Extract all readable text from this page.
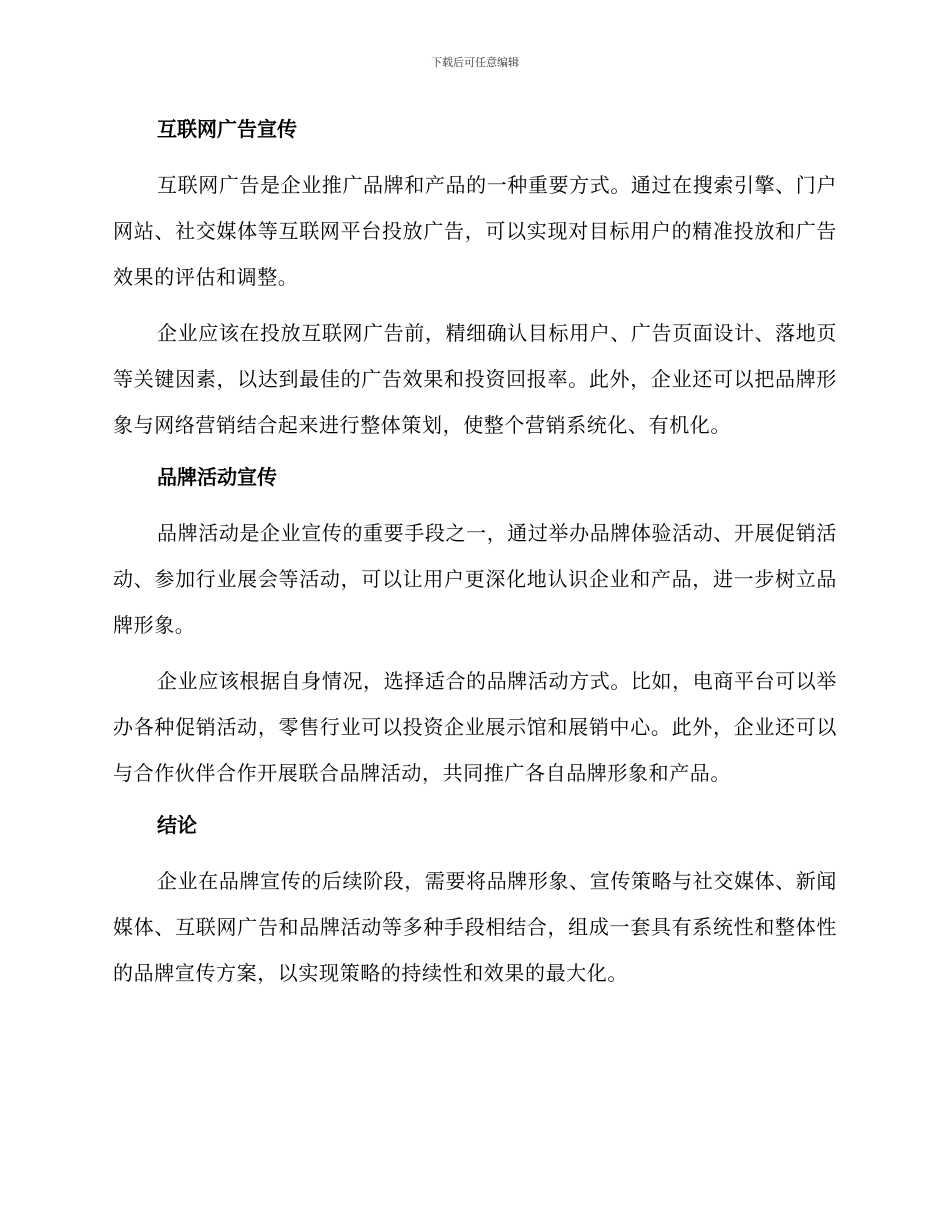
下载后可任意编辑
互联网广告宣传

互联网广告是企业推广品牌和产品的一种重要方式。通过在搜索引擎、门户网站、社交媒体等互联网平台投放广告，可以实现对目标用户的精准投放和广告效果的评估和调整。

企业应该在投放互联网广告前，精细确认目标用户、广告页面设计、落地页等关键因素，以达到最佳的广告效果和投资回报率。此外，企业还可以把品牌形象与网络营销结合起来进行整体策划，使整个营销系统化、有机化。

品牌活动宣传

品牌活动是企业宣传的重要手段之一，通过举办品牌体验活动、开展促销活动、参加行业展会等活动，可以让用户更深化地认识企业和产品，进一步树立品牌形象。

企业应该根据自身情况，选择适合的品牌活动方式。比如，电商平台可以举办各种促销活动，零售行业可以投资企业展示馆和展销中心。此外，企业还可以与合作伙伴合作开展联合品牌活动，共同推广各自品牌形象和产品。

结论

企业在品牌宣传的后续阶段，需要将品牌形象、宣传策略与社交媒体、新闻媒体、互联网广告和品牌活动等多种手段相结合，组成一套具有系统性和整体性的品牌宣传方案，以实现策略的持续性和效果的最大化。
